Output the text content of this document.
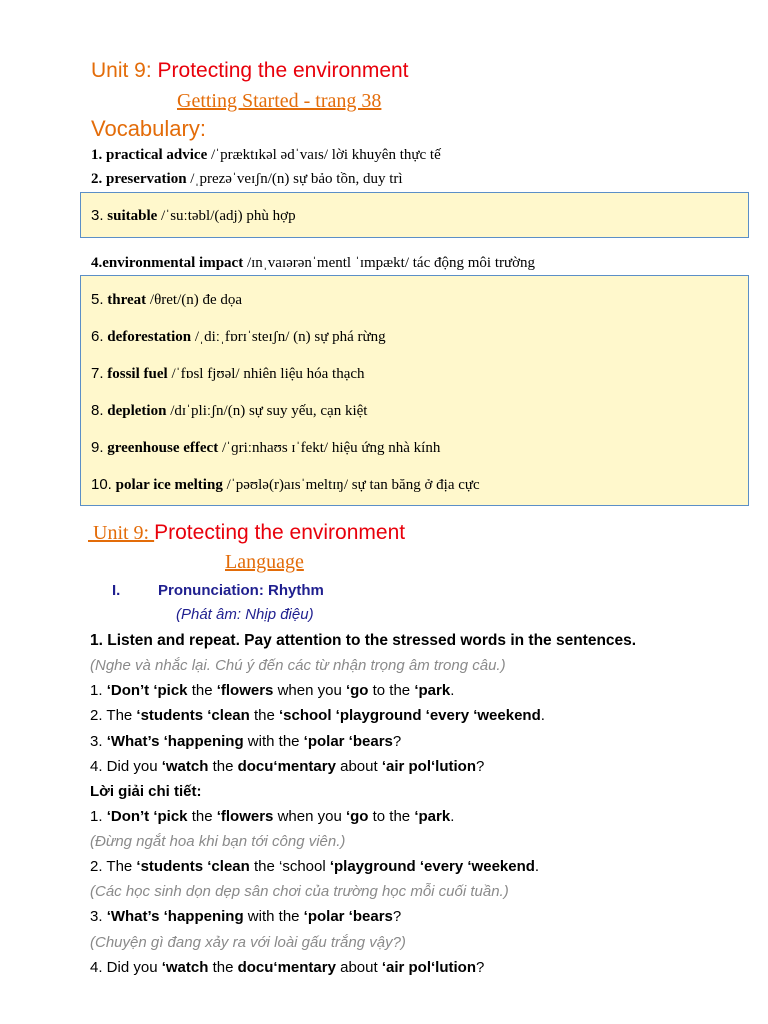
Unit 9: Protecting the environment
Getting Started - trang 38
Vocabulary:
1. practical advice /ˈpræktɪkəl ədˈvaɪs/ lời khuyên thực tế
2. preservation /ˌprezəˈveɪʃn/(n) sự bảo tồn, duy trì
3. suitable /ˈsuːtəbl/(adj) phù hợp
4.environmental impact /ɪnˌvaɪərənˈmentl ˈɪmpækt/ tác động môi trường
5. threat /θret/(n) đe dọa
6. deforestation /ˌdiːˌfɒrɪˈsteɪʃn/ (n) sự phá rừng
7. fossil fuel /ˈfɒsl fjʊəl/ nhiên liệu hóa thạch
8. depletion /dɪˈpliːʃn/(n) sự suy yếu, cạn kiệt
9. greenhouse effect /ˈɡriːnhaʊs ɪˈfekt/ hiệu ứng nhà kính
10. polar ice melting /ˈpəʊlə(r)aɪsˈmeltɪŋ/ sự tan băng ở địa cực
Unit 9: Protecting the environment
Language
I.	Pronunciation: Rhythm
(Phát âm: Nhịp điệu)
1. Listen and repeat. Pay attention to the stressed words in the sentences.
(Nghe và nhắc lại. Chú ý đến các từ nhận trọng âm trong câu.)
1. ‘Don’t ‘pick the ‘flowers when you ‘go to the ‘park.
2. The ‘students ‘clean the ‘school ‘playground ‘every ‘weekend.
3. ‘What’s ‘happening with the ‘polar ‘bears?
4. Did you ‘watch the docu‘mentary about ‘air pol‘lution?
Lời giải chi tiết:
1. ‘Don’t ‘pick the ‘flowers when you ‘go to the ‘park.
(Đừng ngắt hoa khi bạn tới công viên.)
2. The ‘students ‘clean the ‘school ‘playground ‘every ‘weekend.
(Các học sinh dọn dẹp sân chơi của trường học mỗi cuối tuần.)
3. ‘What’s ‘happening with the ‘polar ‘bears?
(Chuyện gì đang xảy ra với loài gấu trắng vậy?)
4. Did you ‘watch the docu‘mentary about ‘air pol‘lution?
